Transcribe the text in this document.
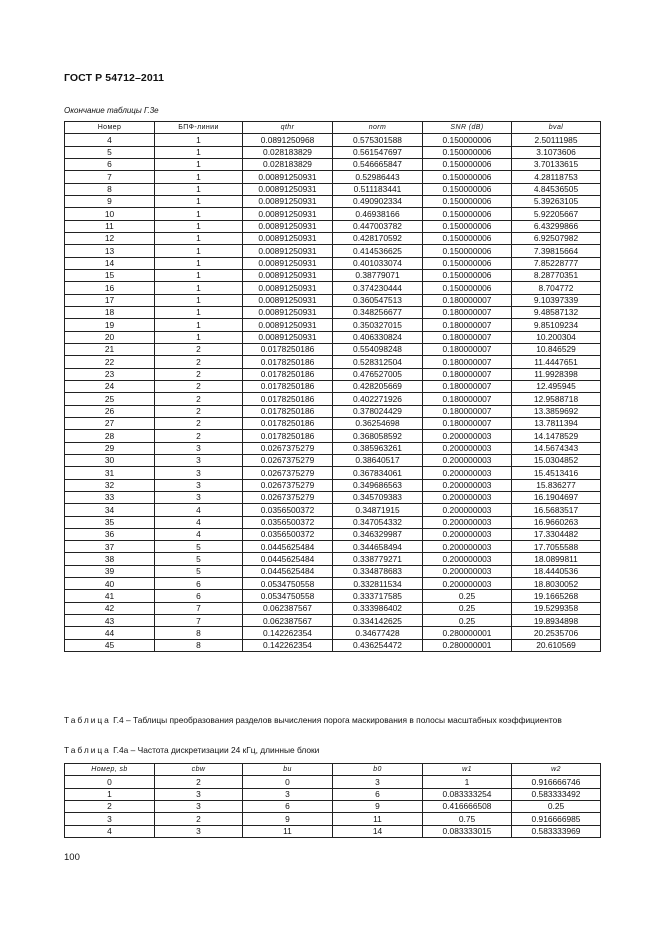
ГОСТ Р 54712–2011
Окончание таблицы Г.3е
Номер	БПФ-линии	qthr	norm	SNR (dB)	bval
4	1	0.0891250968	0.575301588	0.150000006	2.50111985
5	1	0.028183829	0.561547697	0.150000006	3.1073606
6	1	0.028183829	0.546665847	0.150000006	3.70133615
7	1	0.00891250931	0.52986443	0.150000006	4.28118753
8	1	0.00891250931	0.511183441	0.150000006	4.84536505
9	1	0.00891250931	0.490902334	0.150000006	5.39263105
10	1	0.00891250931	0.46938166	0.150000006	5.92205667
11	1	0.00891250931	0.447003782	0.150000006	6.43299866
12	1	0.00891250931	0.428170592	0.150000006	6.92507982
13	1	0.00891250931	0.414536625	0.150000006	7.39815664
14	1	0.00891250931	0.401033074	0.150000006	7.85228777
15	1	0.00891250931	0.38779071	0.150000006	8.28770351
16	1	0.00891250931	0.374230444	0.150000006	8.704772
17	1	0.00891250931	0.360547513	0.180000007	9.10397339
18	1	0.00891250931	0.348256677	0.180000007	9.48587132
19	1	0.00891250931	0.350327015	0.180000007	9.85109234
20	1	0.00891250931	0.406330824	0.180000007	10.200304
21	2	0.0178250186	0.554098248	0.180000007	10.846529
22	2	0.0178250186	0.528312504	0.180000007	11.4447651
23	2	0.0178250186	0.476527005	0.180000007	11.9928398
24	2	0.0178250186	0.428205669	0.180000007	12.495945
25	2	0.0178250186	0.402271926	0.180000007	12.9588718
26	2	0.0178250186	0.378024429	0.180000007	13.3859692
27	2	0.0178250186	0.36254698	0.180000007	13.7811394
28	2	0.0178250186	0.368058592	0.200000003	14.1478529
29	3	0.0267375279	0.385963261	0.200000003	14.5674343
30	3	0.0267375279	0.38640517	0.200000003	15.0304852
31	3	0.0267375279	0.367834061	0.200000003	15.4513416
32	3	0.0267375279	0.349686563	0.200000003	15.836277
33	3	0.0267375279	0.345709383	0.200000003	16.1904697
34	4	0.0356500372	0.34871915	0.200000003	16.5683517
35	4	0.0356500372	0.347054332	0.200000003	16.9660263
36	4	0.0356500372	0.346329987	0.200000003	17.3304482
37	5	0.0445625484	0.344658494	0.200000003	17.7055588
38	5	0.0445625484	0.338779271	0.200000003	18.0899811
39	5	0.0445625484	0.334878683	0.200000003	18.4440536
40	6	0.0534750558	0.332811534	0.200000003	18.8030052
41	6	0.0534750558	0.333717585	0.25	19.1665268
42	7	0.062387567	0.333986402	0.25	19.5299358
43	7	0.062387567	0.334142625	0.25	19.8934898
44	8	0.142262354	0.34677428	0.280000001	20.2535706
45	8	0.142262354	0.436254472	0.280000001	20.610569
Таблица Г.4 – Таблицы преобразования разделов вычисления порога маскирования в полосы масштабных коэффициентов
Таблица Г.4а – Частота дискретизации 24 кГц, длинные блоки
Номер, sb	cbw	bu	b0	w1	w2
0	2	0	3	1	0.916666746
1	3	3	6	0.083333254	0.583333492
2	3	6	9	0.416666508	0.25
3	2	9	11	0.75	0.916666985
4	3	11	14	0.083333015	0.583333969
100
